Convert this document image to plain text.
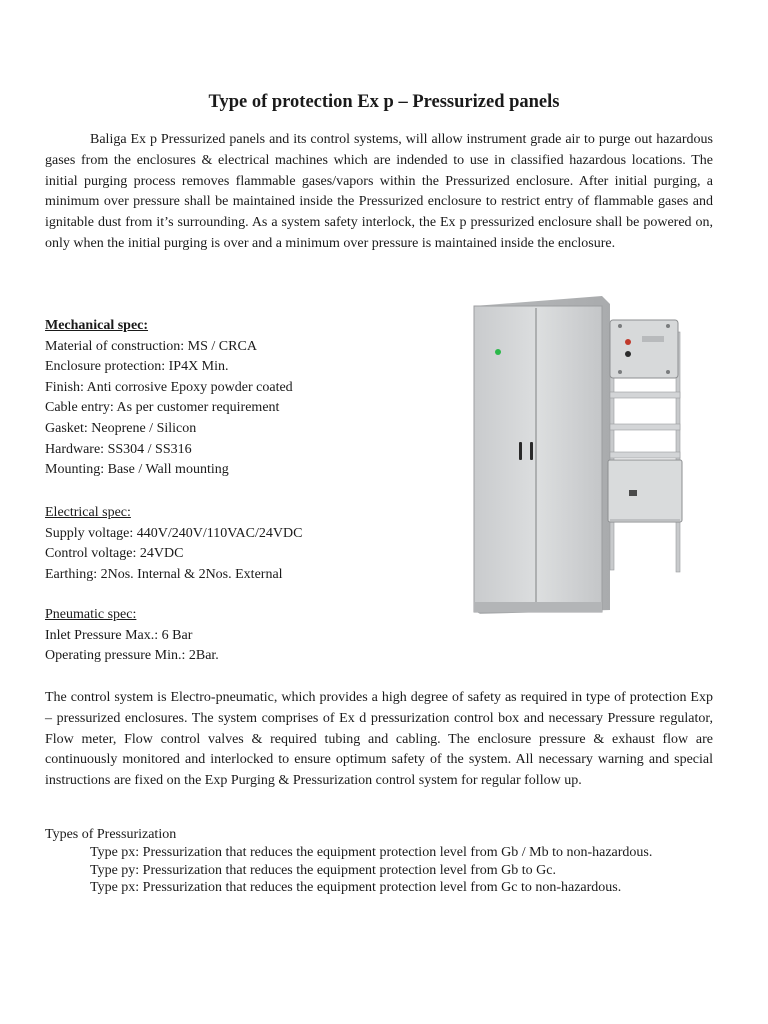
Type of protection Ex p – Pressurized panels

Baliga Ex p Pressurized panels and its control systems, will allow instrument grade air to purge out hazardous gases from the enclosures & electrical machines which are indended to use in classified hazardous locations. The initial purging process removes flammable gases/vapors within the Pressurized enclosure. After initial purging, a minimum over pressure shall be maintained inside the Pressurized enclosure to restrict entry of flammable gases and ignitable dust from it’s surrounding. As a system safety interlock, the Ex p pressurized enclosure shall be powered on, only when the initial purging is over and a minimum over pressure is maintained inside the enclosure.

Mechanical spec:
Material of construction: MS / CRCA
Enclosure protection: IP4X Min.
Finish: Anti corrosive Epoxy powder coated
Cable entry: As per customer requirement
Gasket: Neoprene / Silicon
Hardware: SS304 / SS316
Mounting: Base / Wall mounting
Electrical spec:
Supply voltage: 440V/240V/110VAC/24VDC
Control voltage: 24VDC
Earthing: 2Nos. Internal & 2Nos. External
Pneumatic spec:
Inlet Pressure Max.: 6 Bar
Operating pressure Min.: 2Bar.

The control system is Electro-pneumatic, which provides a high degree of safety as required in type of protection Exp – pressurized enclosures. The system comprises of Ex d pressurization control box and necessary Pressure regulator, Flow meter, Flow control valves & required tubing and cabling. The enclosure pressure & exhaust flow are continuously monitored and interlocked to ensure optimum safety of the system. All necessary warning and special instructions are fixed on the Exp Purging & Pressurization control system for regular follow up.

Types of Pressurization
Type px: Pressurization that reduces the equipment protection level from Gb / Mb to non-hazardous.
Type py: Pressurization that reduces the equipment protection level from Gb to Gc.
Type px: Pressurization that reduces the equipment protection level from Gc to non-hazardous.
